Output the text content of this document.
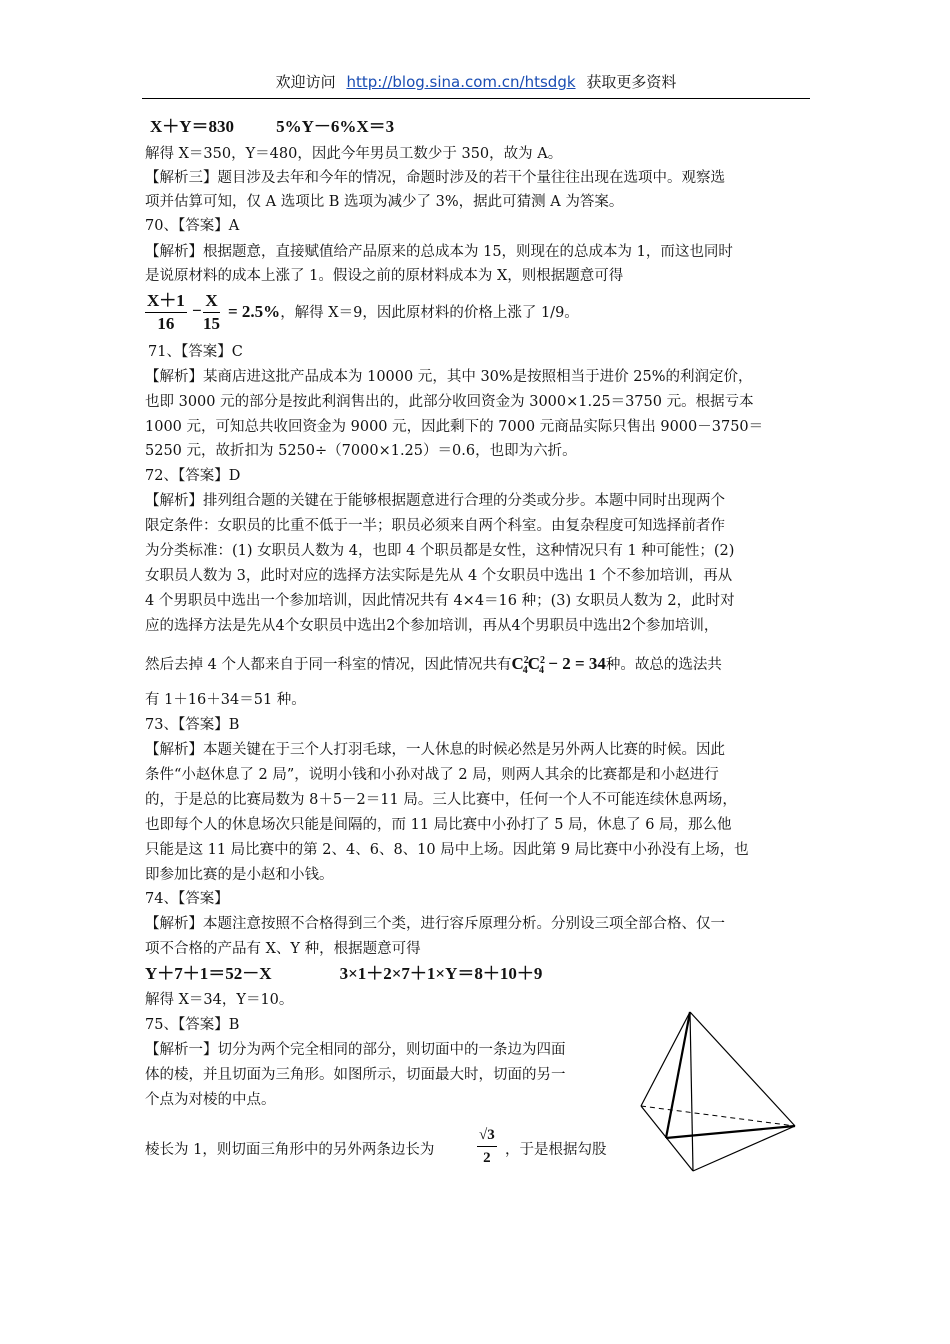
欢迎访问 http://blog.sina.com.cn/htsdgk 获取更多资料
X＋Y＝830 5%Y－6%X＝3
解得 X＝350，Y＝480，因此今年男员工数少于 350，故为 A。
【解析三】题目涉及去年和今年的情况，命题时涉及的若干个量往往出现在选项中。观察选
项并估算可知，仅 A 选项比 B 选项为减少了 3%，据此可猜测 A 为答案。
70、【答案】A
【解析】根据题意，直接赋值给产品原来的总成本为 15，则现在的总成本为 1，而这也同时
是说原材料的成本上涨了 1。假设之前的原材料成本为 X，则根据题意可得
$\frac{X+1}{16} - \frac{X}{15} = 2.5\%$，解得 X＝9，因此原材料的价格上涨了 1/9。
71、【答案】C
【解析】某商店进这批产品成本为 10000 元，其中 30%是按照相当于进价 25%的利润定价，
也即 3000 元的部分是按此利润售出的，此部分收回资金为 3000×1.25＝3750 元。根据亏本
1000 元，可知总共收回资金为 9000 元，因此剩下的 7000 元商品实际只售出 9000－3750＝
5250 元，故折扣为 5250÷（7000×1.25）＝0.6，也即为六折。
72、【答案】D
【解析】排列组合题的关键在于能够根据题意进行合理的分类或分步。本题中同时出现两个
限定条件：女职员的比重不低于一半；职员必须来自两个科室。由复杂程度可知选择前者作
为分类标准：(1) 女职员人数为 4，也即 4 个职员都是女性，这种情况只有 1 种可能性；(2)
女职员人数为 3，此时对应的选择方法实际是先从 4 个女职员中选出 1 个不参加培训，再从
4 个男职员中选出一个参加培训，因此情况共有 4×4＝16 种；(3) 女职员人数为 2，此时对
应的选择方法是先从4个女职员中选出2个参加培训，再从4个男职员中选出2个参加培训，
然后去掉 4 个人都来自于同一科室的情况，因此情况共有$C^2_4C^2_4 - 2 = 34$种。故总的选法共
有 1＋16＋34＝51 种。
73、【答案】B
【解析】本题关键在于三个人打羽毛球，一人休息的时候必然是另外两人比赛的时候。因此
条件“小赵休息了 2 局”，说明小钱和小孙对战了 2 局，则两人其余的比赛都是和小赵进行
的，于是总的比赛局数为 8＋5－2＝11 局。三人比赛中，任何一个人不可能连续休息两场，
也即每个人的休息场次只能是间隔的，而 11 局比赛中小孙打了 5 局，休息了 6 局，那么他
只能是这 11 局比赛中的第 2、4、6、8、10 局中上场。因此第 9 局比赛中小孙没有上场，也
即参加比赛的是小赵和小钱。
74、【答案】
【解析】本题注意按照不合格得到三个类，进行容斥原理分析。分别设三项全部合格、仅一
项不合格的产品有 X、Y 种，根据题意可得
Y＋7＋1＝52－X	3×1＋2×7＋1×Y＝8＋10＋9
解得 X＝34，Y＝10。
75、【答案】B
【解析一】切分为两个完全相同的部分，则切面中的一条边为四面
体的棱，并且切面为三角形。如图所示，切面最大时，切面的另一
个点为对棱的中点。
棱长为 1，则切面三角形中的另外两条边长为	$\frac{√3}{2}$ ，于是根据勾股
